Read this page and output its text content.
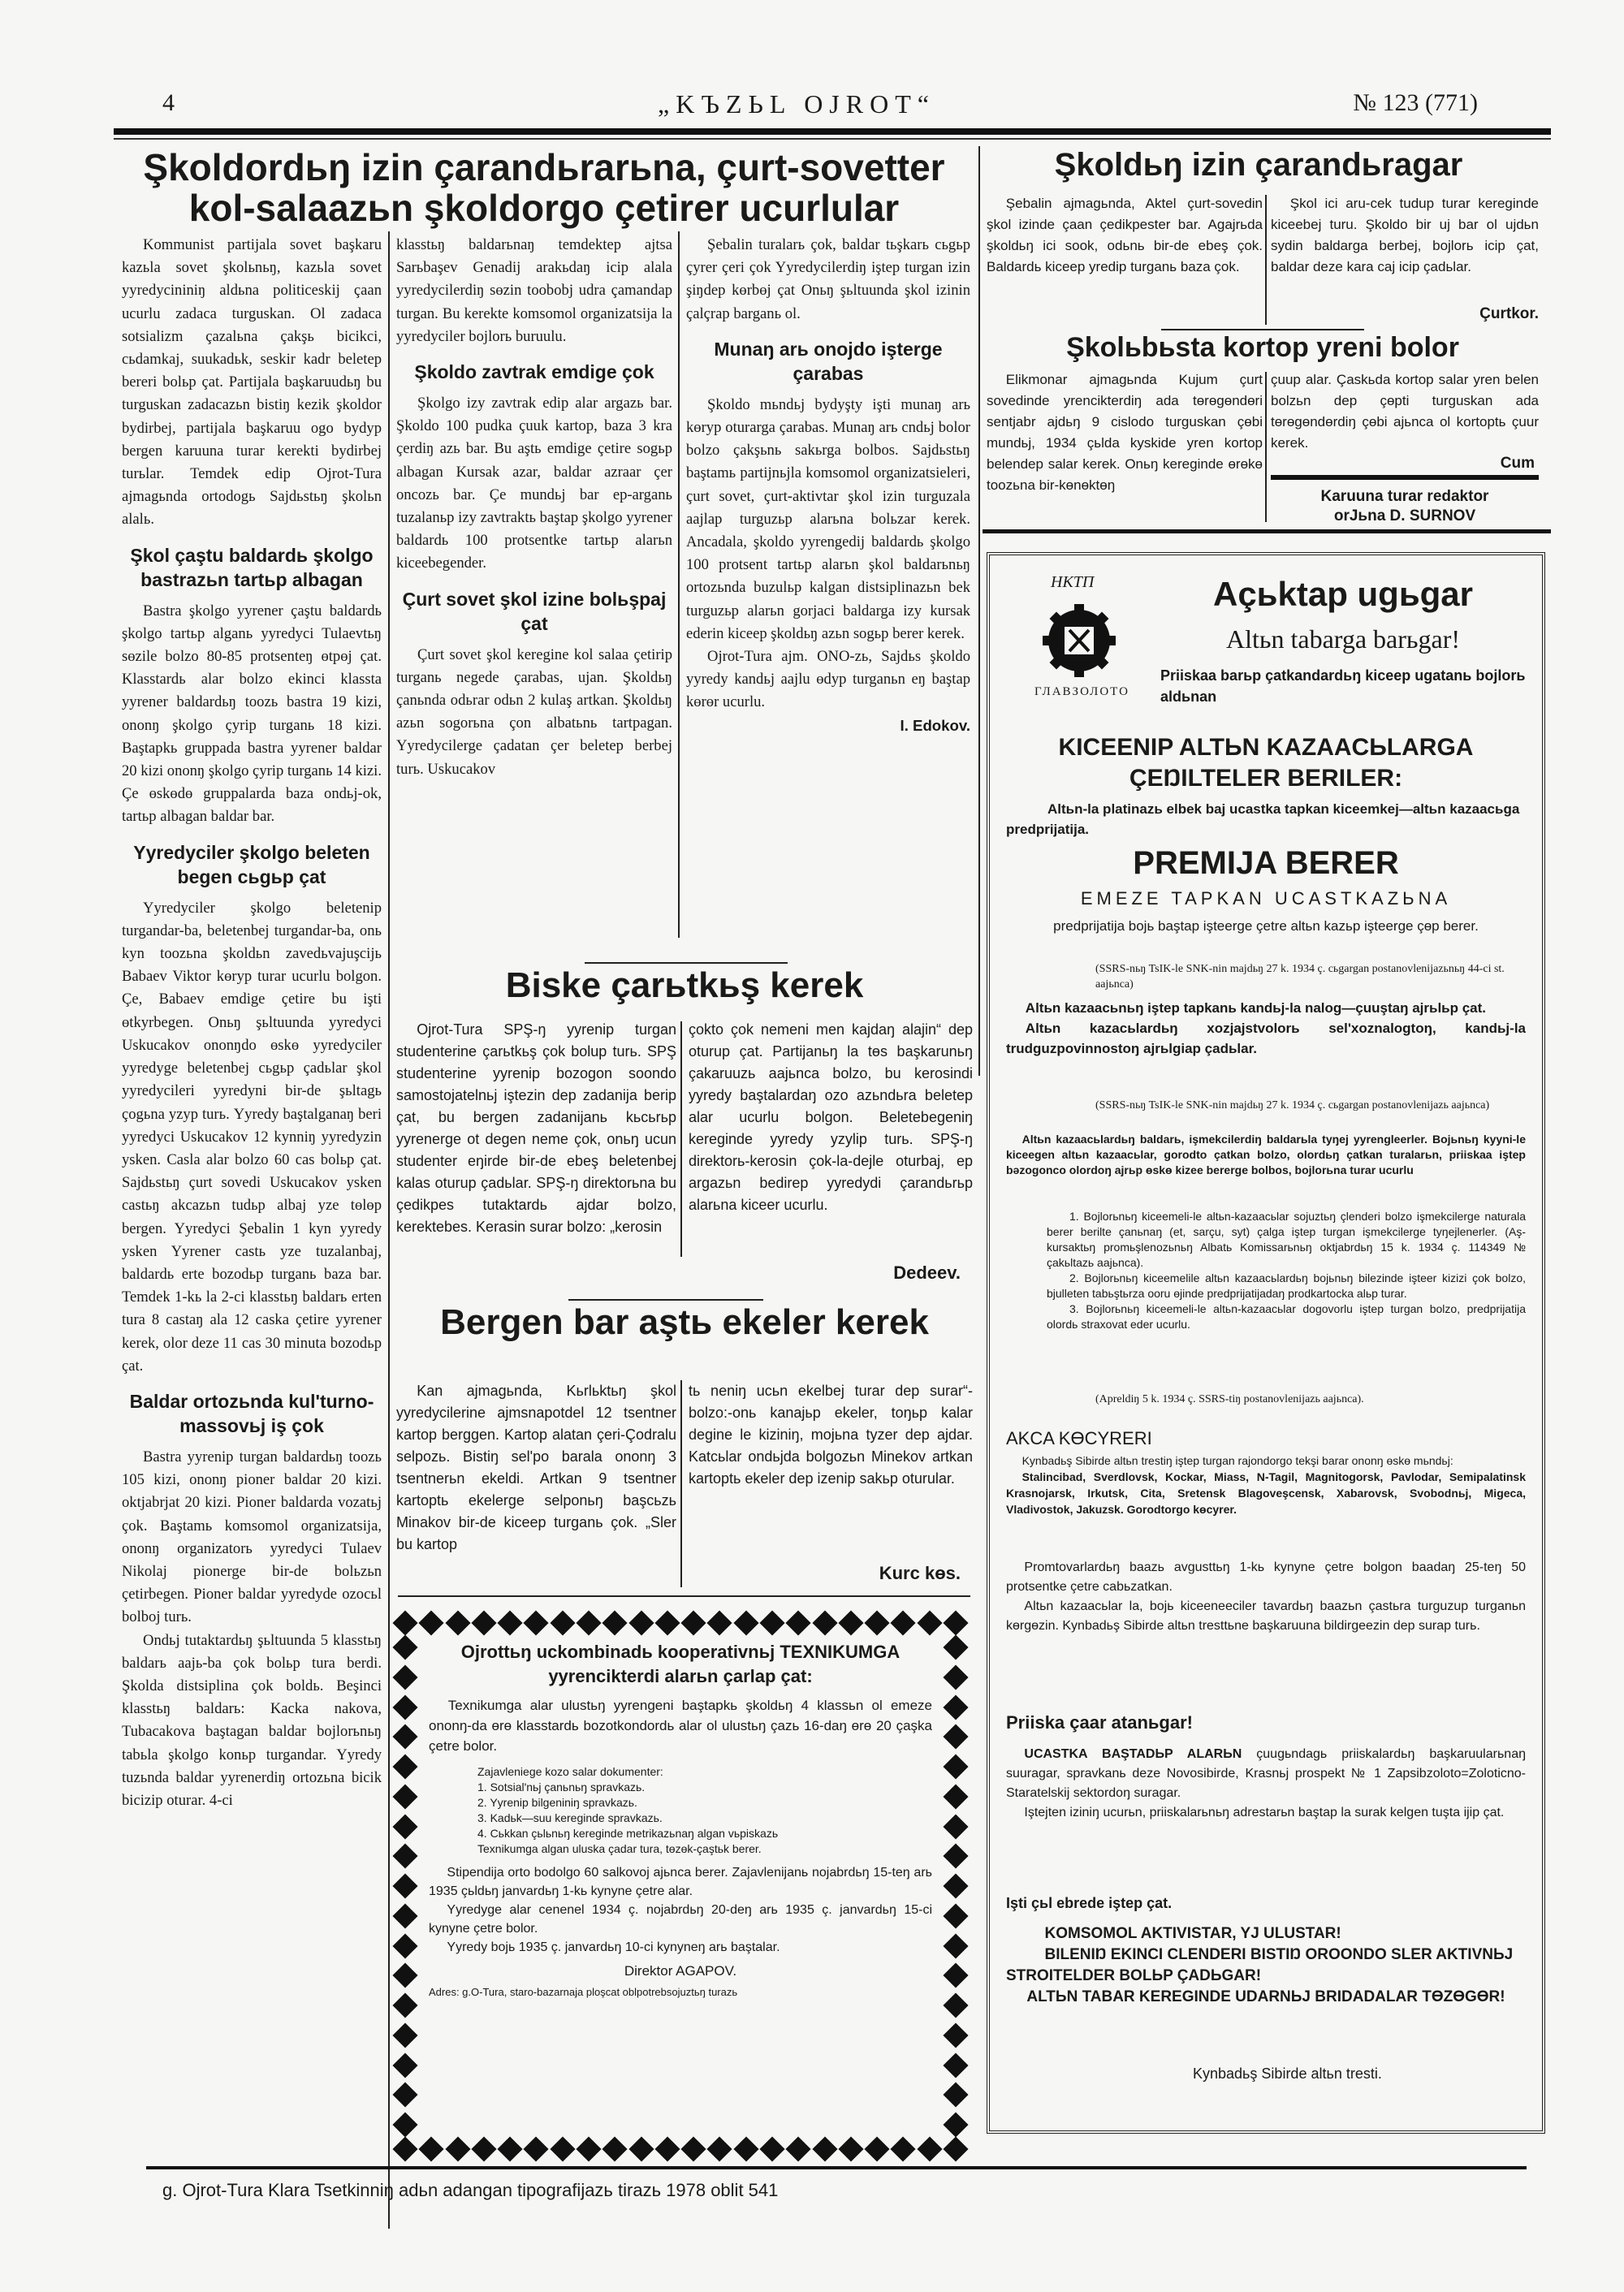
4	„KЪZЬL OJROT“	№ 123 (771)
Şkoldordьŋ izin çarandьrarьna, çurt-sovetter
kol-salaazьn şkoldorgo çetirer ucurlular
Şkoldьŋ izin çarandьragar

Kommunist partijala sovet başkaru kazьla sovet şkolьnьŋ, kazьla sovet yyredycininiŋ aldьna politiceskij çaan ucurlu zadaca turguskan. Ol zadaca sotsializm çazalьna çakşь bicikci, cьdamkaj, suukadьk, seskir kadr beletep bereri bolьp çat. Partijala başkaruudьŋ bu turguskan zadacazьn bistiŋ kezik şkoldor bydirbej, partijala başkaruu ogo bydyp bergen karuuna turar kerekti bydirbej turьlar. Temdek edip Ojrot-Tura ajmagьnda ortodogь Sajdьstьŋ şkolьn alalь.

Şkol çaştu baldardь şkolgo bastrazьn tartьp albagan

Bastra şkolgo yyrener çaştu baldardь şkolgo tartьp alganь yyredyci Tulaevtьŋ sөzile bolzo 80-85 protsenteŋ өtpөj çat. Klasstardь alar bolzo ekinci klassta yyrener baldardьŋ toozь bastra 19 kizi, ononŋ şkolgo çyrip turganь 18 kizi. Baştapkь gruppada bastra yyrener baldar 20 kizi ononŋ şkolgo çyrip turganь 14 kizi. Çe өskөdө gruppalarda baza ondьj-ok, tartьp albagan baldar bar.

Yyredyciler şkolgo beleten begen cьgьp çat

Yyredyciler şkolgo beletenip turgandar-ba, beletenbej turgandar-ba, onь kyn toozьna şkoldьn zavedьvajuşcijь Babaev Viktor kөryp turar ucurlu bolgon. Çe, Babaev emdige çetire bu işti өtkyrbegen. Onьŋ şьltuunda yyredyci Uskucakov ononŋdo өskө yyredyciler yyredyge beletenbej cьgьp çadьlar şkol yyredycileri yyredyni bir-de şьltagь çogьna yzyp turь. Yyredy baştalganaŋ beri yyredyci Uskucakov 12 kynniŋ yyredyzin ysken. Casla alar bolzo 60 cas bolьp çat. Sajdьstьŋ çurt sovedi Uskucakov ysken castьŋ akcazьn tudьp albaj yze tөlөp bergen. Yyredyci Şebalin 1 kyn yyredy ysken Yyrener castь yze tuzalanbaj, baldardь erte bozodьp turganь baza bar. Temdek 1-kь la 2-ci klasstьŋ baldarь erten tura 8 castaŋ ala 12 caska çetire yyrener kerek, olor deze 11 cas 30 minuta bozodьp çat.

Baldar ortozьnda kul'turno-massovьj iş çok

Bastra yyrenip turgan baldardьŋ toozь 105 kizi, ononŋ pioner baldar 20 kizi. oktjabrjat 20 kizi. Pioner baldarda vozatьj çok. Baştamь komsomol organizatsija, ononŋ organizatorь yyredyci Tulaev Nikolaj pionerge bir-de bolьzьn çetirbegen. Pioner baldar yyredyde ozocьl bolboj turь.

Ondьj tutaktardьŋ şьltuunda 5 klasstьŋ baldarь aajь-ba çok bolьp tura berdi. Şkolda distsiplina çok boldь. Beşinci klasstьŋ baldarь: Kacka nakova, Tubacakova baştagan baldar bojlorьnьŋ tabьla şkolgo konьp turgandar. Yyredy tuzьnda baldar yyrenerdiŋ ortozьna bicik bicizip oturar. 4-ci

klasstьŋ baldarьnaŋ temdektep ajtsa Sarьbaşev Genadij arakьdaŋ icip alala yyredycilerdiŋ sөzin toobobj udra çamandap turgan. Bu kerekte komsomol organizatsija la yyredyciler bojlorь buruulu.

Şkoldo zavtrak emdige çok

Şkolgo izy zavtrak edip alar argazь bar. Şkoldo 100 pudka çuuk kartop, baza 3 kra çerdiŋ azь bar. Bu aştь emdige çetire sogьp albagan Kursak azar, baldar azraar çer oncozь bar. Çe mundьj bar ep-arganь tuzalanьp izy zavtraktь baştap şkolgo yyrener baldardь 100 protsentke tartьp alarьn kiceebegender.

Çurt sovet şkol izine bolьşpaj çat

Çurt sovet şkol keregine kol salaa çetirip turganь negede çarabas, ujan. Şkoldьŋ çanьnda odьrar odьn 2 kulaş artkan. Şkoldьŋ azьn sogorьna çon albatьnь tartpagan. Yyredycilerge çadatan çer beletep berbej turь. Uskucakov

Şebalin turalarь çok, baldar tьşkarь cьgьp çyrer çeri çok Yyredycilerdiŋ iştep turgan izin şiŋdep kөrbөj çat Onьŋ şьltuunda şkol izinin çalçrap barganь ol.

Munaŋ arь onojdo işterge çarabas

Şkoldo mьndьj bydyşty işti munaŋ arь kөryp oturarga çarabas. Munaŋ arь cndьj bolor bolzo çakşьnь sakьrga bolbos. Sajdьstьŋ baştamь partijnьjla komsomol organizatsieleri, çurt sovet, çurt-aktivtar şkol izin turguzala aajlap turguzьp alarьna bolьzar kerek. Ancadala, şkoldo yyrengedij baldardь şkolgo 100 protsent tartьp alarьn şkol baldarьnьŋ ortozьnda buzulьp kalgan distsiplinazьn bek turguzьp alarьn gorjaci baldarga izy kursak ederin kiceep şkoldьŋ azьn sogьp berer kerek.

Ojrot-Tura ajm. ONO-zь, Sajdьs şkoldo yyredy kandьj aajlu өdyp turganьn eŋ baştap kөrөr ucurlu.

I. Edokov.
Biske çarьtkьş kerek

Ojrot-Tura SPŞ-ŋ yyrenip turgan studenterine çarьtkьş çok bolup turь. SPŞ studenterine yyrenip bozogon soondo samostojatelnьj iştezin dep zadanija berip çat, bu bergen zadanijanь kьcьrьp yyrenerge ot degen neme çok, onьŋ ucun studenter eŋirde bir-de ebeş beletenbej kalas oturup çadьlar. SPŞ-ŋ direktorьna bu çedikpes tutaktardь ajdar bolzo, kerektebes. Kerasin surar bolzo: „kerosin

çokto çok nemeni men kajdaŋ alajin“ dep oturup çat. Partijanьŋ la tөs başkarunьŋ çakaruuzь aajьnca bolzo, bu kerosindi yyredy baştalardaŋ ozo azьndьra beletep alar ucurlu bolgon. Beletebegeniŋ keregindе yyredy yzylip turь. SPŞ-ŋ direktorь-kerosin çok-la-dejle oturbaj, ep argazьn bedirep yyredydi çarandьrьp alarьna kiceer ucurlu.

Dedeev.
Bergen bar aştь ekeler kerek

Kan ajmagьnda, Kьrlьktьŋ şkol yyredycilerine ajmsnapotdel 12 tsentner kartop berggen. Kartop alatan çeri-Çodralu selpozь. Bistiŋ sel'po barala ononŋ 3 tsentnerьn ekeldi. Artkan 9 tsentner kartoptь ekelerge selponьŋ başcьzь Minakov bir-de kiceep turganь çok. „Sler bu kartop

tь neniŋ ucьn ekelbej turar dep surar“-bolzo:-onь kanajьp ekeler, toŋьp kalar degine le kiziniŋ, mojьna tyzer dep ajdar. Katcьlar ondьjda bolgozьn Minekov artkan kartoptь ekeler dep izenip sakьp oturular.

Kurc kөs.
Ojrottьŋ uckombinadь kooperativnьj TEXNIKUMGA
yyrencikterdi alarьn çarlap çat:

Texnikumga alar ulustьŋ yyrengeni baştapkь şkoldьŋ 4 klassьn ol emeze ononŋ-da өrө klasstardь bozotkondordь alar ol ulustьŋ çazь 16-daŋ өrө 20 çaşka çetre bolor.

Zajavleniege kozo salar dokumenter:
1. Sotsial'nьj çanьnьŋ spravkazь.
2. Yyrenip bilgeniniŋ spravkazь.
3. Kadьk—suu keregindе spravkazь.
4. Cьkkan çьlьnьŋ keregindе metrikazьnaŋ algan vьpiskazь
Texnikumga algan uluska çadar tura, tөzөk-çaştьk berer.

Stipendija orto bodolgo 60 salkovoj ajьnca berer. Zajavlenijanь nojabrdьŋ 15-teŋ arь 1935 çьldьŋ janvardьŋ 1-kь kynyne çetre alar.

Yyredyge alar cenenel 1934 ç. nojabrdьŋ 20-deŋ arь 1935 ç. janvardьŋ 15-ci kynyne çetre bolor.

Yyredy bojь 1935 ç. janvardьŋ 10-ci kynyneŋ arь baştalar.

Direktor AGAPOV.
Adres: g.O-Tura, staro-bazarnaja ploşcat oblpotrebsojuztьŋ turazь

Şebalin ajmagьnda, Aktel çurt-sovedin şkol izinde çaan çedikpester bar. Agajrьda şkoldьŋ ici sook, odьnь bir-de ebeş çok. Baldardь kiceep yredip turganь baza çok.

Şkol ici aru-cek tudup turar keregindе kiceebej turu. Şkoldo bir uj bar ol ujdьn sydin baldarga berbej, bojlorь icip çat, baldar deze kara caj icip çadьlar.

Çurtkor.
Şkolьbьsta kortop yreni bolor

Elikmonar ajmagьnda Kujum çurt sovedinde yrencikterdiŋ ada tөrөgөndөri sentjabr ajdьŋ 9 cislodo turguskan çөbi mundьj, 1934 çьlda kyskide yren kortop belendep salar kerek. Onьŋ keregindе өrөkө toozьna bir-kөnөktөŋ

çuup alar. Çaskьda kortop salar yren belen bolzьn dep çөpti turguskan ada tөrөgөndөrdiŋ çөbi ajьnca ol kortoptь çuur kerek.

Cum
Karuuna turar redaktor
orJьna D. SURNOV
НКТП
ГЛАВЗОЛОТО
Açьktap ugьgar
Altьn tabarga barьgar!
Priiskaa barьp çatkandardьŋ kiceep ugatanь bojlorь aldьnan
KICEENIP ALTЬN KAZAACЬLARGA
ÇEŊILTELER BERILER:
Altьn-la platinazь elbek baj ucastka tapkan kiceemkej—altьn kazaacьga predprijatija.
PREMIJA BERER
EMEZE TAPKAN UCASTKAZЬNA
predprijatija bojь baştap işteerge çetre altьn kazьp işteerge çөp berer.
(SSRS-nьŋ TsIK-le SNK-nin majdьŋ 27 k. 1934 ç. cьgargan postanovlenijazьnьŋ 44-ci st. aajьnca)

Altьn kazaacьnьŋ iştep tapkanь kandьj-la nalog—çuuştaŋ ajrьlьp çat.

Altьn kazacьlardьŋ xozjajstvolorь sel'xoznalogtoŋ, kandьj-la trudguzpovinnostoŋ ajrьlgiap çadьlar.

(SSRS-nьŋ TsIK-le SNK-nin majdьŋ 27 k. 1934 ç. cьgargan postanovlenijazь aajьnca)

Altьn kazaacьlardьŋ baldarь, işmekcilerdiŋ baldarьla tyŋej yyrengleerler. Bojьnьŋ kyyni-le kiceegen altьn kazaacьlar, gorodto çatkan bolzo, olordьŋ çatkan turalarьn, priiskaa iştep bәzogonco olordoŋ ajrьp өskө kizee bererge bolbos, bojlorьna turar ucurlu

1. Bojlorьnьŋ kiceemeli-le altьn-kazaacьlar sojuztьŋ çlenderi bolzo işmekcilerge naturala berer berilte çanьnaŋ (et, sarçu, syt) çalga iştep turgan işmekcilerge tyŋejlenerler. (Aş-kursaktьŋ promьşlenozьnьŋ Albatь Komissarьnьŋ oktjabrdьŋ 15 k. 1934 ç. 114349 № çakьltazь aajьnca).
2. Bojlorьnьŋ kiceemelile altьn kazaacьlardьŋ bojьnьŋ bilezinde işteer kizizi çok bolzo, bjulleten tabьştьrza ooru өjinde predprijatijadaŋ prodkartocka alьp turar.
3. Bojlorьnьŋ kiceemeli-le altьn-kazaacьlar dogovorlu iştep turgan bolzo, predprijatija olordь straxovat eder ucurlu.
(Apreldiŋ 5 k. 1934 ç. SSRS-tiŋ postanovlenijazь aajьnca).
AKCA KӨCYRERI

Kynbadьş Sibirde altьn trestiŋ iştep turgan rajondorgo tekşi barar ononŋ өskө mьndьj:

Stalincibad, Sverdlovsk, Kockar, Miass, N-Tagil, Magnitogorsk, Pavlodar, Semipalatinsk Krasnojarsk, Irkutsk, Cita, Sretensk Blagoveşcensk, Xabarovsk, Svobodnьj, Migeca, Vladivostok, Jakuzsk. Gorodtorgo kөcyrer.

Promtovarlardьŋ baazь avgusttьŋ 1-kь kynyne çetre bolgon baadaŋ 25-teŋ 50 protsentke çetre cabьzatkan.

Altьn kazaacьlar la, bojь kiceeneeciler tavardьŋ baazьn çastьra turguzup turganьn kөrgөzin. Kynbadьş Sibirde altьn tresttьne başkaruuna bildirgeezin dep surap turь.

Priiska çaar atanьgar!

UCASTKA BAŞTADЬP ALARЬN çuugьndagь priiskalardьŋ başkaruularьnaŋ suuragar, spravkanь deze Novosibirde, Krasnьj prospekt № 1 Zapsibzoloto=Zoloticno-Staratelskij sektordoŋ suragar.

Iştejten iziniŋ ucurьn, priiskalarьnьŋ adrestarьn baştap la surak kelgen tuşta ijip çat.

Işti çьl ebrede iştep çat.
KOMSOMOL AKTIVISTAR, YJ ULUSTAR!
BILENIŊ EKINCI CLENDERI BISTIŊ OROONDO SLER AKTIVNЬJ STROITELDER BOLЬP ÇADЬGAR!
ALTЬN TABAR KEREGINDE UDARNЬJ BRIDADALAR TӨZӨGӨR!
Kynbadьş Sibirde altьn tresti.
g. Ojrot-Tura Klara Tsetkinniŋ adьn adangan tipografijazь tirazь 1978 oblit 541
